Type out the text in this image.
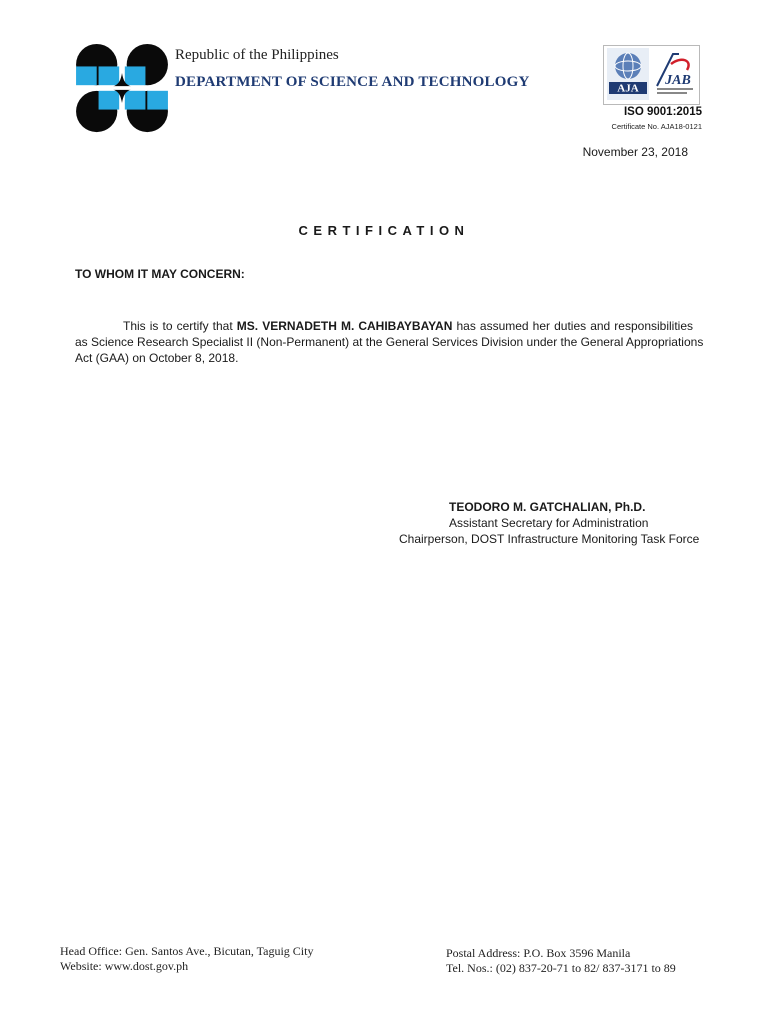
Republic of the Philippines
DEPARTMENT OF SCIENCE AND TECHNOLOGY	AJA
JAB
ISO 9001:2015
Certificate No. AJA18-0121
November 23, 2018
CERTIFICATION
TO WHOM IT MAY CONCERN:
This is to certify that MS. VERNADETH M. CAHIBAYBAYAN has assumed her duties and responsibilities
as Science Research Specialist II (Non-Permanent) at the General Services Division under the General Appropriations
Act (GAA) on October 8, 2018.
TEODORO M. GATCHALIAN, Ph.D.
Assistant Secretary for Administration
Chairperson, DOST Infrastructure Monitoring Task Force
Head Office: Gen. Santos Ave., Bicutan, Taguig City
Website: www.dost.gov.ph
Postal Address: P.O. Box 3596 Manila
Tel. Nos.: (02) 837-20-71 to 82/ 837-3171 to 89
